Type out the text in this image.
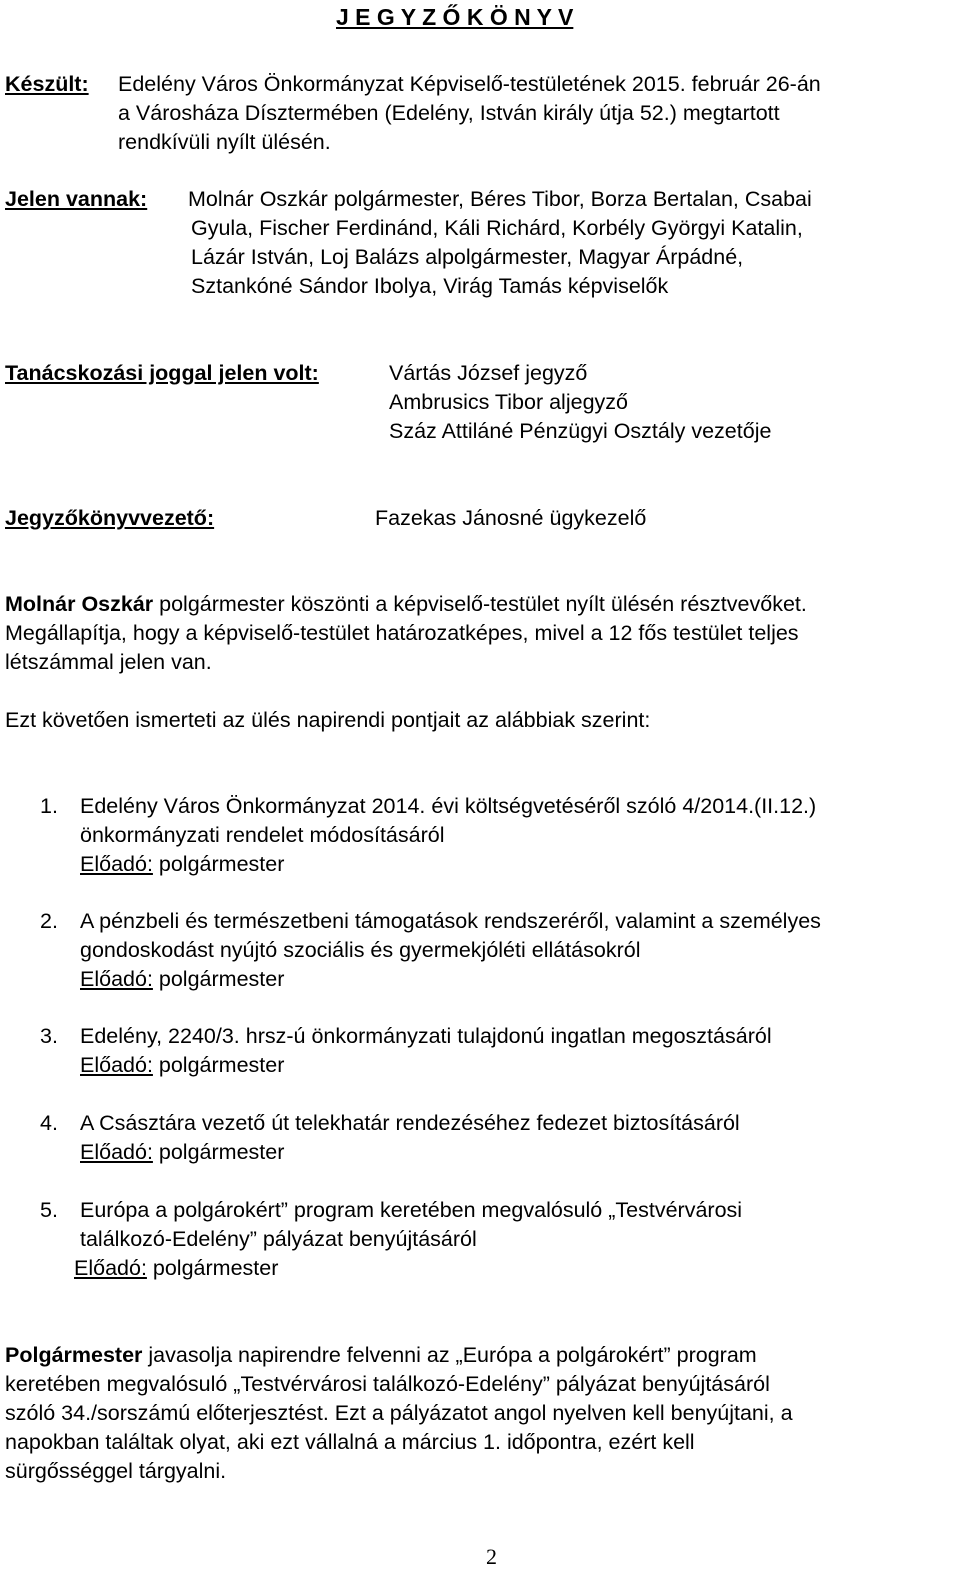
J E G Y Z Ő K Ö N Y V
Készült: Edelény Város Önkormányzat Képviselő-testületének 2015. február 26-án
a Városháza Dísztermében (Edelény, István király útja 52.) megtartott
rendkívüli nyílt ülésén.
Jelen vannak: Molnár Oszkár polgármester, Béres Tibor, Borza Bertalan, Csabai
Gyula, Fischer Ferdinánd, Káli Richárd, Korbély Györgyi Katalin,
Lázár István, Loj Balázs alpolgármester, Magyar Árpádné,
Sztankóné Sándor Ibolya, Virág Tamás képviselők
Tanácskozási joggal jelen volt:	Vártás József jegyző
Ambrusics Tibor aljegyző
Száz Attiláné Pénzügyi Osztály vezetője
Jegyzőkönyvvezető:	Fazekas Jánosné ügykezelő
Molnár Oszkár polgármester köszönti a képviselő-testület nyílt ülésén résztvevőket.
Megállapítja, hogy a képviselő-testület határozatképes, mivel a 12 fős testület teljes
létszámmal jelen van.
Ezt követően ismerteti az ülés napirendi pontjait az alábbiak szerint:
1. Edelény Város Önkormányzat 2014. évi költségvetéséről szóló 4/2014.(II.12.)
önkormányzati rendelet módosításáról
Előadó: polgármester
2. A pénzbeli és természetbeni támogatások rendszeréről, valamint a személyes
gondoskodást nyújtó szociális és gyermekjóléti ellátásokról
Előadó: polgármester
3. Edelény, 2240/3. hrsz-ú önkormányzati tulajdonú ingatlan megosztásáról
Előadó: polgármester
4. A Császtára vezető út telekhatár rendezéséhez fedezet biztosításáról
Előadó: polgármester
5. Európa a polgárokért” program keretében megvalósuló „Testvérvárosi
találkozó-Edelény” pályázat benyújtásáról
Előadó: polgármester
Polgármester javasolja napirendre felvenni az „Európa a polgárokért” program
keretében megvalósuló „Testvérvárosi találkozó-Edelény” pályázat benyújtásáról
szóló 34./sorszámú előterjesztést. Ezt a pályázatot angol nyelven kell benyújtani, a
napokban találtak olyat, aki ezt vállalná a március 1. időpontra, ezért kell
sürgősséggel tárgyalni.
2
